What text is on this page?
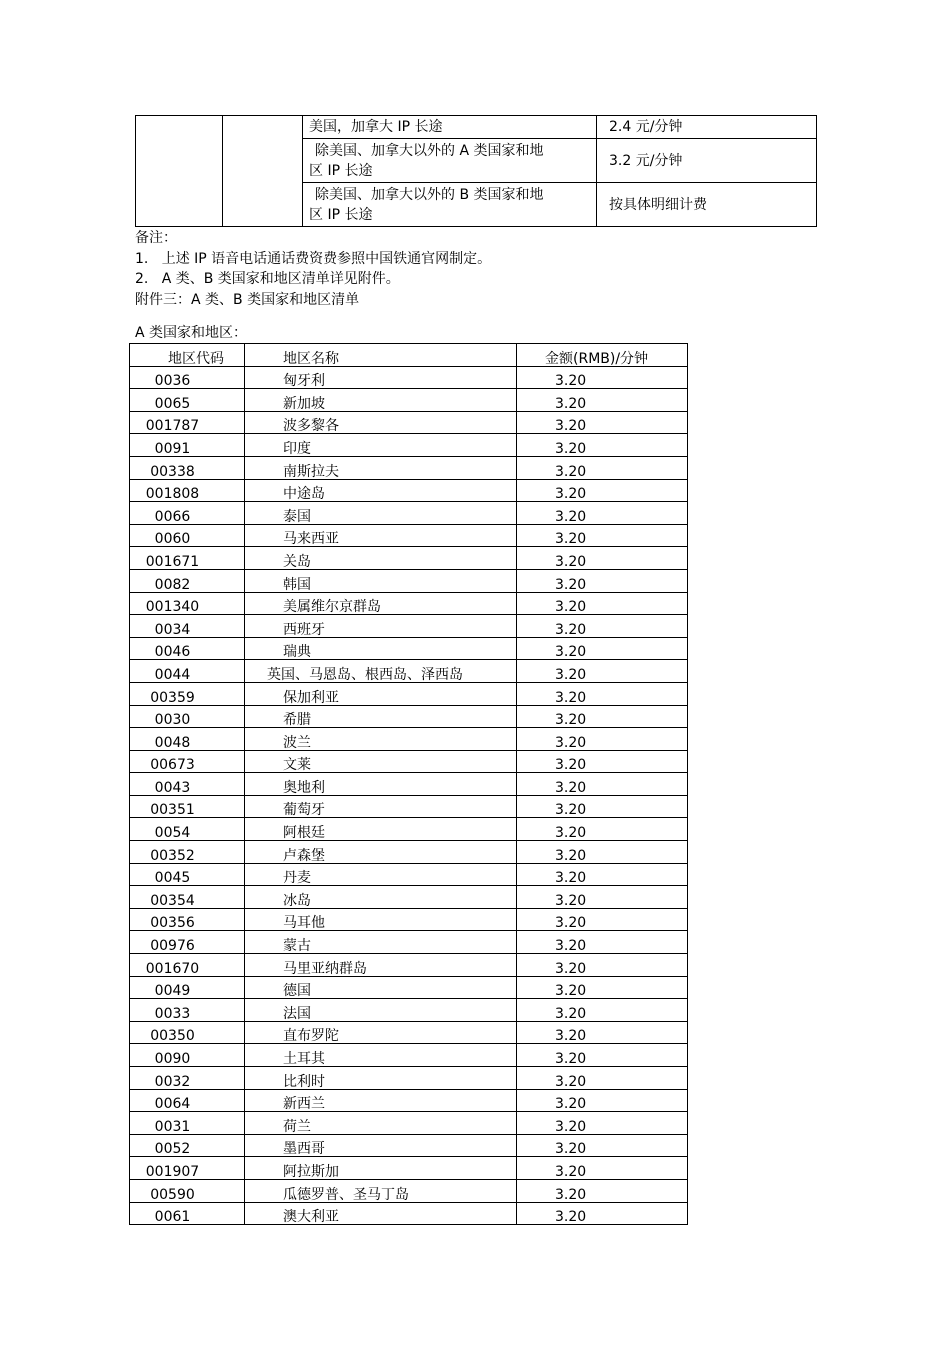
		美国，加拿大 IP 长途	2.4 元/分钟

		除美国、加拿大以外的 A 类国家和地
区 IP 长途	3.2 元/分钟

		除美国、加拿大以外的 B 类国家和地
区 IP 长途	按具体明细计费
备注：
1.   上述 IP 语音电话通话费资费参照中国铁通官网制定。
2.   A 类、B 类国家和地区清单详见附件。
附件三：A 类、B 类国家和地区清单
A 类国家和地区：
地区代码	地区名称	金额(RMB)/分钟
0036	匈牙利	3.20
0065	新加坡	3.20
001787	波多黎各	3.20
0091	印度	3.20
00338	南斯拉夫	3.20
001808	中途岛	3.20
0066	泰国	3.20
0060	马来西亚	3.20
001671	关岛	3.20
0082	韩国	3.20
001340	美属维尔京群岛	3.20
0034	西班牙	3.20
0046	瑞典	3.20
0044	英国、马恩岛、根西岛、泽西岛	3.20
00359	保加利亚	3.20
0030	希腊	3.20
0048	波兰	3.20
00673	文莱	3.20
0043	奥地利	3.20
00351	葡萄牙	3.20
0054	阿根廷	3.20
00352	卢森堡	3.20
0045	丹麦	3.20
00354	冰岛	3.20
00356	马耳他	3.20
00976	蒙古	3.20
001670	马里亚纳群岛	3.20
0049	德国	3.20
0033	法国	3.20
00350	直布罗陀	3.20
0090	土耳其	3.20
0032	比利时	3.20
0064	新西兰	3.20
0031	荷兰	3.20
0052	墨西哥	3.20
001907	阿拉斯加	3.20
00590	瓜德罗普、圣马丁岛	3.20
0061	澳大利亚	3.20
